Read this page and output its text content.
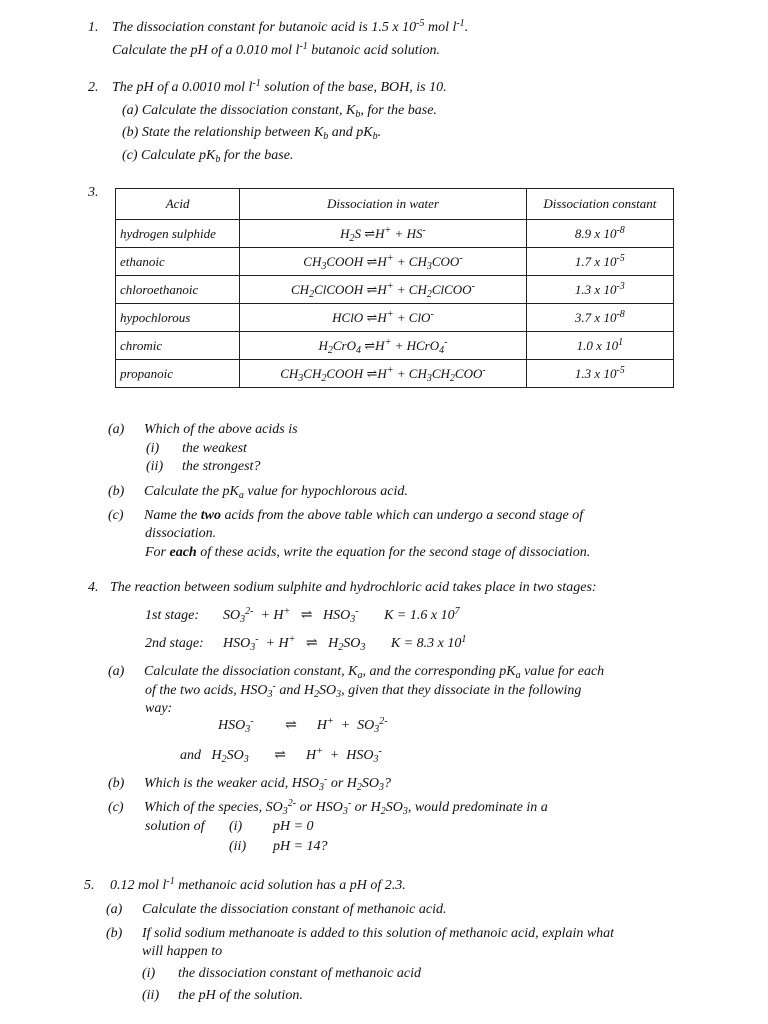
1. The dissociation constant for butanoic acid is 1.5 x $10^{-5}$ mol $l^{-1}$.
Calculate the pH of a 0.010 mol $l^{-1}$ butanoic acid solution.
2. The pH of a 0.0010 mol $l^{-1}$ solution of the base, BOH, is 10.
(a) Calculate the dissociation constant, $K_b$, for the base.
(b) State the relationship between $K_b$ and $pK_b$.
(c) Calculate $pK_b$ for the base.
3.
Acid	Dissociation in water	Dissociation constant
hydrogen sulphide	$H_2S$ ⇌H+ + HS-	8.9 x $10^{-8}$
ethanoic	$CH_3COOH$ ⇌H+ + $CH_3COO^-$	1.7 x $10^{-5}$
chloroethanoic	$CH_2ClCOOH$ ⇌H+ + $CH_2ClCOO^-$	1.3 x $10^{-3}$
hypochlorous	HClO ⇌H+ + ClO-	3.7 x $10^{-8}$
chromic	$H_2CrO_4$ ⇌H+ + HCrO$_4$-	1.0 x $10^1$
propanoic	$CH_3CH_2COOH$ ⇌H+ + $CH_3CH_2COO^-$	1.3 x $10^{-5}$
(a) Which of the above acids is
(i) the weakest
(ii) the strongest?
(b) Calculate the $pK_a$ value for hypochlorous acid.
(c) Name the two acids from the above table which can undergo a second stage of
dissociation.
For each of these acids, write the equation for the second stage of dissociation.
4. The reaction between sodium sulphite and hydrochloric acid takes place in two stages:
1st stage: $SO_3^{2-} + H^+$ ⇌   $HSO_3^-$ K = 1.6 x $10^7$
2nd stage: $HSO_3^- + H^+$ ⇌   $H_2SO_3$ K = 8.3 x $10^1$
(a) Calculate the dissociation constant, $K_a$, and the corresponding $pK_a$ value for each
of the two acids, $HSO_3^-$ and $H_2SO_3$, given that they dissociate in the following
way:
$HSO_3^-$ ⇌ $H^+ + SO_3^{2-}$
and   $H_2SO_3$ ⇌ $H^+ + HSO_3^-$
(b) Which is the weaker acid, $HSO_3^-$ or $H_2SO_3$?
(c) Which of the species, $SO_3^{2-}$ or $HSO_3^-$ or $H_2SO_3$, would predominate in a
solution of (i) pH = 0
(ii) pH = 14?
5. 0.12 mol $l^{-1}$ methanoic acid solution has a pH of 2.3.
(a) Calculate the dissociation constant of methanoic acid.
(b) If solid sodium methanoate is added to this solution of methanoic acid, explain what
will happen to
(i) the dissociation constant of methanoic acid
(ii) the pH of the solution.
